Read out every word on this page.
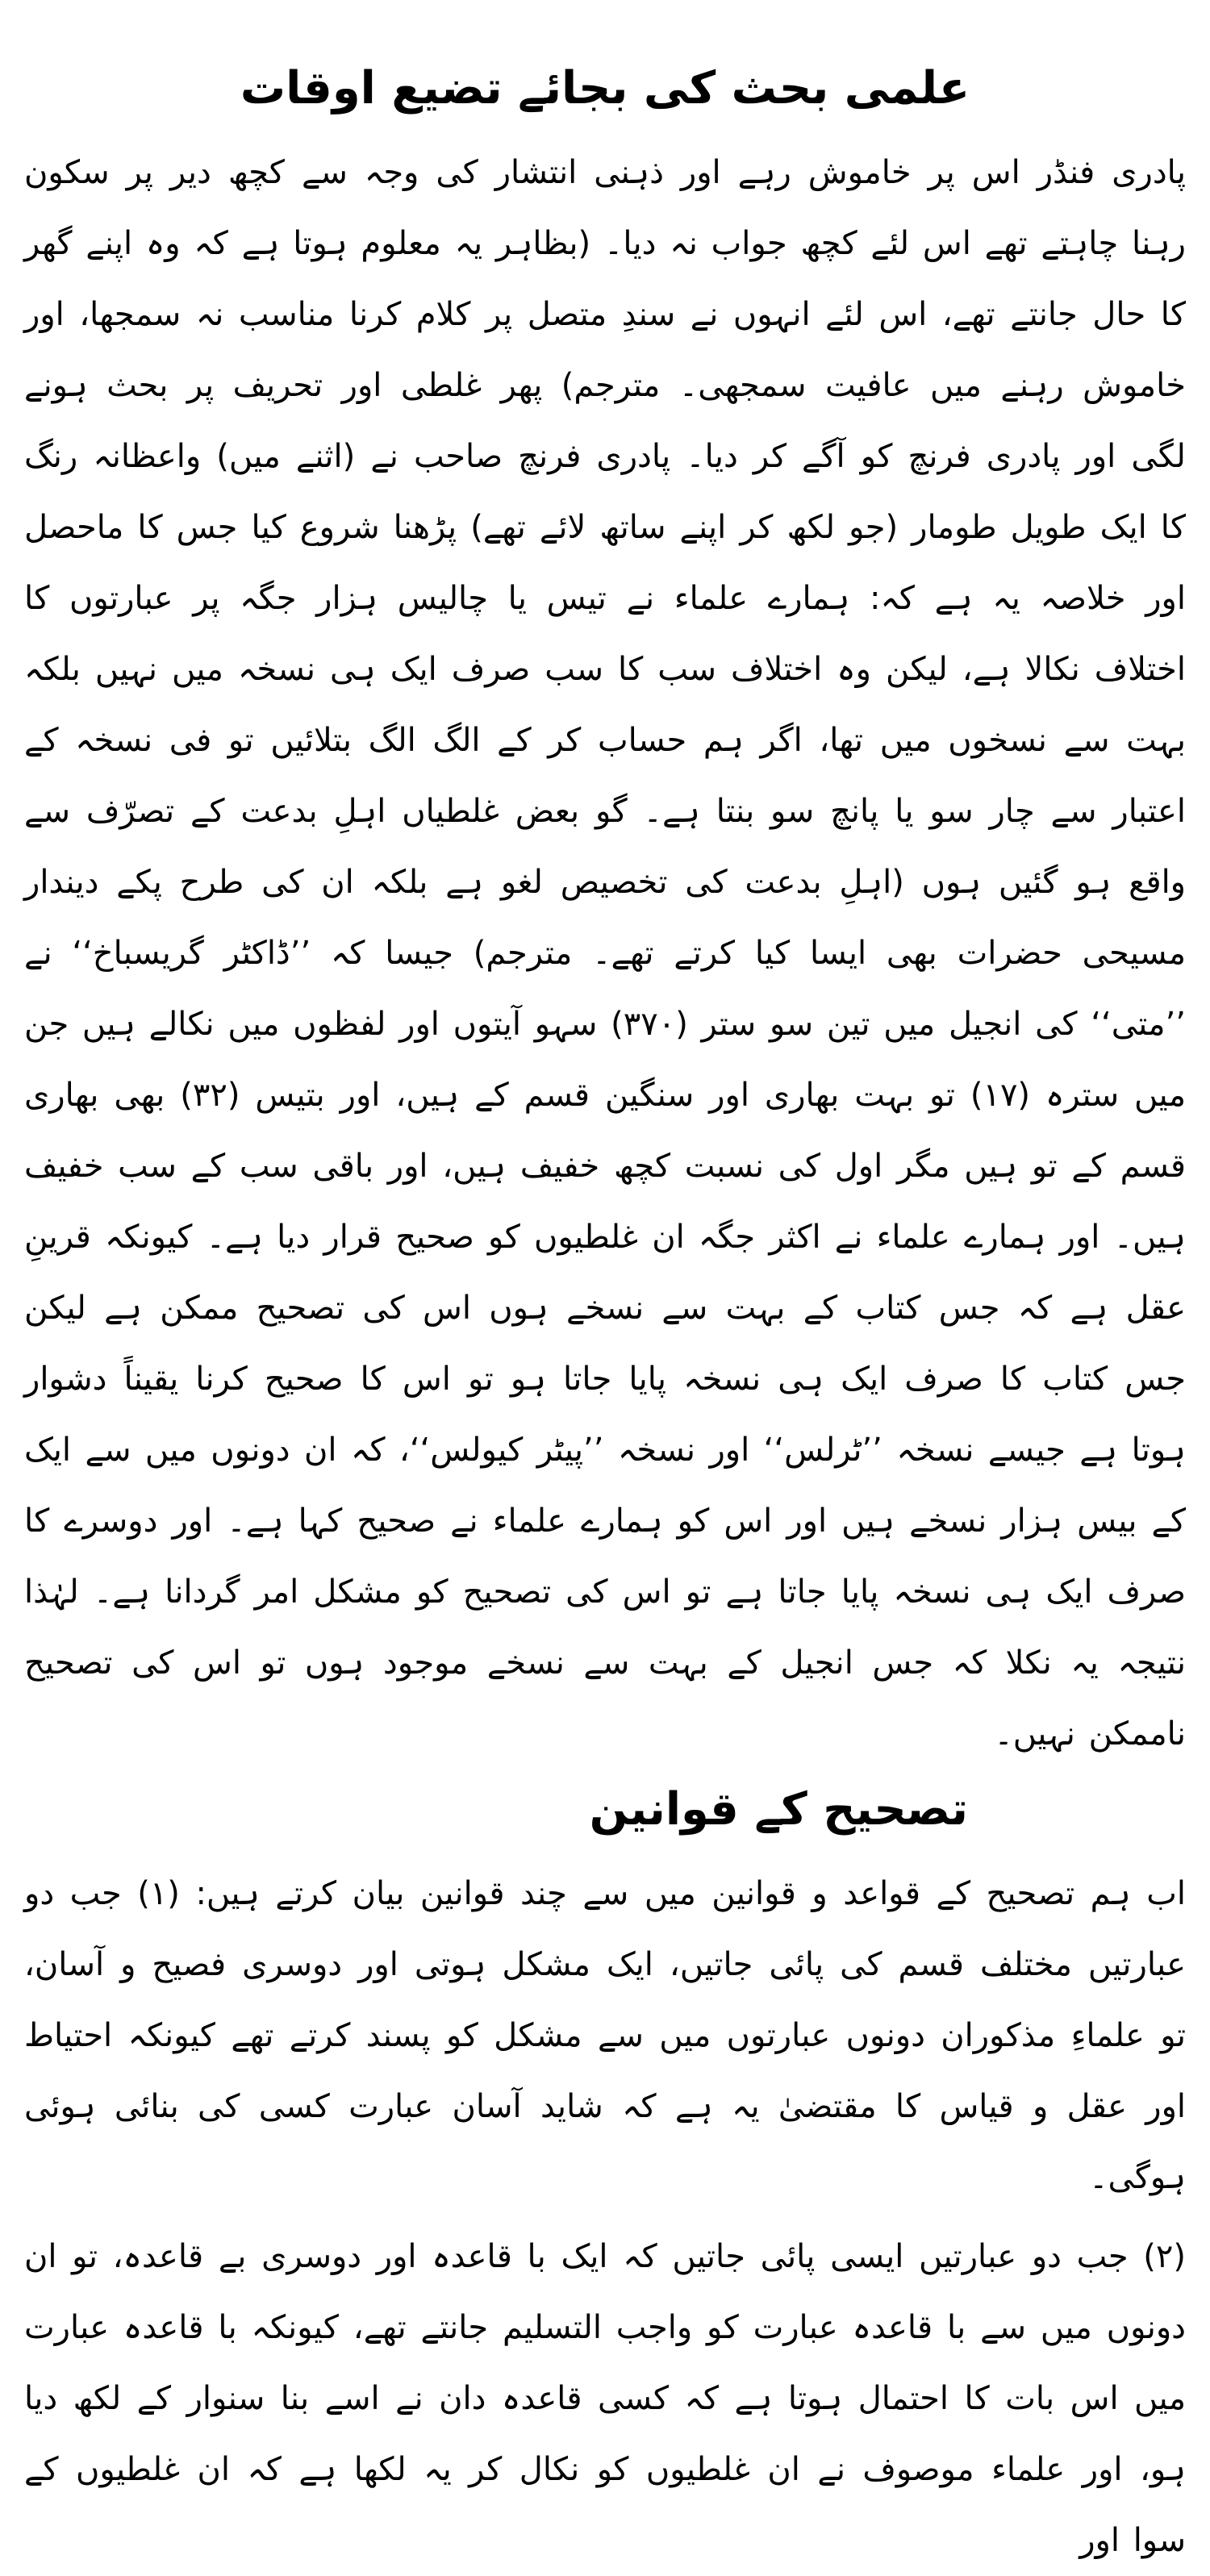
علمی بحث کی بجائے تضیع اوقات

پادری فنڈر اس پر خاموش رہے اور ذہنی انتشار کی وجہ سے کچھ دیر پر سکون رہنا چاہتے تھے اس لئے کچھ جواب نہ دیا۔ (بظاہر یہ معلوم ہوتا ہے کہ وہ اپنے گھر کا حال جانتے تھے، اس لئے انہوں نے سندِ متصل پر کلام کرنا مناسب نہ سمجھا، اور خاموش رہنے میں عافیت سمجھی۔ مترجم) پھر غلطی اور تحریف پر بحث ہونے لگی اور پادری فرنچ کو آگے کر دیا۔ پادری فرنچ صاحب نے (اثنے میں) واعظانہ رنگ کا ایک طویل طومار (جو لکھ کر اپنے ساتھ لائے تھے) پڑھنا شروع کیا جس کا ماحصل اور خلاصہ یہ ہے کہ: ہمارے علماء نے تیس یا چالیس ہزار جگہ پر عبارتوں کا اختلاف نکالا ہے، لیکن وہ اختلاف سب کا سب صرف ایک ہی نسخہ میں نہیں بلکہ بہت سے نسخوں میں تھا، اگر ہم حساب کر کے الگ الگ بتلائیں تو فی نسخہ کے اعتبار سے چار سو یا پانچ سو بنتا ہے۔ گو بعض غلطیاں اہلِ بدعت کے تصرّف سے واقع ہو گئیں ہوں (اہلِ بدعت کی تخصیص لغو ہے بلکہ ان کی طرح پکے دیندار مسیحی حضرات بھی ایسا کیا کرتے تھے۔ مترجم) جیسا کہ ’’ڈاکٹر گریسباخ‘‘ نے ’’متی‘‘ کی انجیل میں تین سو ستر (۳۷۰) سہو آیتوں اور لفظوں میں نکالے ہیں جن میں سترہ (۱۷) تو بہت بھاری اور سنگین قسم کے ہیں، اور بتیس (۳۲) بھی بھاری قسم کے تو ہیں مگر اول کی نسبت کچھ خفیف ہیں، اور باقی سب کے سب خفیف ہیں۔ اور ہمارے علماء نے اکثر جگہ ان غلطیوں کو صحیح قرار دیا ہے۔ کیونکہ قرینِ عقل ہے کہ جس کتاب کے بہت سے نسخے ہوں اس کی تصحیح ممکن ہے لیکن جس کتاب کا صرف ایک ہی نسخہ پایا جاتا ہو تو اس کا صحیح کرنا یقیناً دشوار ہوتا ہے جیسے نسخہ ’’ٹرلس‘‘ اور نسخہ ’’پیٹر کیولس‘‘، کہ ان دونوں میں سے ایک کے بیس ہزار نسخے ہیں اور اس کو ہمارے علماء نے صحیح کہا ہے۔ اور دوسرے کا صرف ایک ہی نسخہ پایا جاتا ہے تو اس کی تصحیح کو مشکل امر گردانا ہے۔ لہٰذا نتیجہ یہ نکلا کہ جس انجیل کے بہت سے نسخے موجود ہوں تو اس کی تصحیح ناممکن نہیں۔

تصحیح کے قوانین

اب ہم تصحیح کے قواعد و قوانین میں سے چند قوانین بیان کرتے ہیں: (۱) جب دو عبارتیں مختلف قسم کی پائی جاتیں، ایک مشکل ہوتی اور دوسری فصیح و آسان، تو علماءِ مذکوران دونوں عبارتوں میں سے مشکل کو پسند کرتے تھے کیونکہ احتیاط اور عقل و قیاس کا مقتضیٰ یہ ہے کہ شاید آسان عبارت کسی کی بنائی ہوئی ہوگی۔

(۲) جب دو عبارتیں ایسی پائی جاتیں کہ ایک با قاعدہ اور دوسری بے قاعدہ، تو ان دونوں میں سے با قاعدہ عبارت کو واجب التسلیم جانتے تھے، کیونکہ با قاعدہ عبارت میں اس بات کا احتمال ہوتا ہے کہ کسی قاعدہ دان نے اسے بنا سنوار کے لکھ دیا ہو، اور علماء موصوف نے ان غلطیوں کو نکال کر یہ لکھا ہے کہ ان غلطیوں کے سوا اور
